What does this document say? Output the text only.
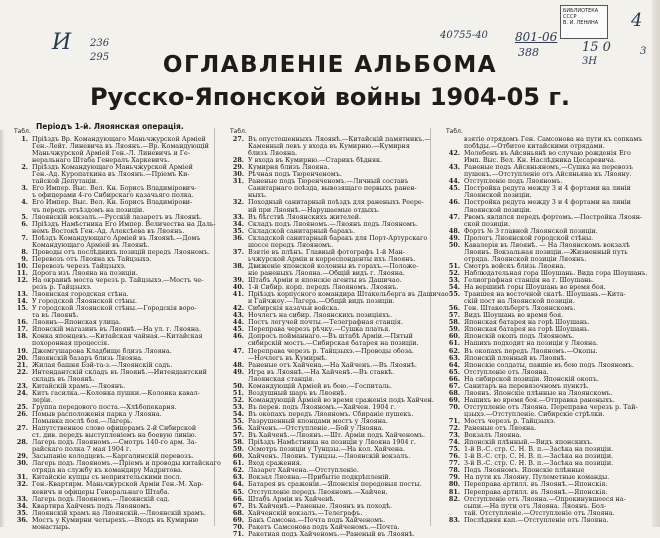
И 236
295
40755-40 801-06
388	15 0
ЗН
4
3
БИБЛИОТЕКА
СССР
В. И. ЛЕНИНА
ОГЛАВЛЕНІЕ АЛЬБОМА
Русско-Японской войны 1904-05 г.
Табл.
Періодъ 1-й. Ляоянская операція.
1. Пріѣздъ Вр. Командующаго Маньчжурской Арміей
Ген.-Лейт. Линевича въ Ляоянъ.—Вр. Командующій
Маньчжурской Арміей Ген.-Л. Линевичъ и Ге-
неральнаго Штаба Генералъ Харкевичъ.
2. Пріѣздъ Командующаго Маньчжурской Арміей
Ген.-Ад. Куропаткина въ Ляоянъ.—Пріемъ Ки-
тайской Депутаціи.
3. Его Импер. Выс. Вел. Кн. Борисъ Владимірович-
ъ офицерами 4-го Сибирскаго казачьяго полка.
4. Его Импер. Выс. Вел. Кн. Борисъ Владимірови-
чъ передъ отъѣздомъ на позиціи.
5. Ляоянскій вокзалъ.—Русскій лазаретъ въ Ляоянѣ.
6. Пріѣздъ Намѣстника Его Импер. Величества на Даль-
немъ Востокѣ Ген.-Ад. Алексѣева въ Ляоянъ.
7. Поѣздъ Командующаго Арміей въ Ляоянѣ.—Домъ
Командующаго Арміей въ Ляоянѣ.
8. Проводы отъ послѣднихъ позицій передъ Ляояномъ.
9. Перевозъ отъ Ляояна къ Тайцзыхэ.
10. Перевозъ черезъ Тайцзыхэ.
11. Дорога изъ Ляояна на позиціи.
12. На окраинѣ моста черезъ р. Тайцзыхэ.—Мостъ че-
резъ р. Тайцзыхэ.
13. Ляоянская городская стѣна.
14. У городской Ляоянской стѣны.
15. У городской Ляоянской стѣны.—Городскія воро-
та въ Ляоянѣ.
16. Ляоянъ—Японская улица.
17. Японскій магазинъ въ Ляоянѣ.—На ул. г. Ляояна.
18. Конка японцевъ.—Китайская чайная.—Китайская
похоронная процессія.
19. Джемгушарова Кладбище близъ Ляояна.
20. Ляоянскій базаръ близь Ляояна.
21. Жилая башня Бэй-та-з.—Ляоянскій садъ.
22. Интендантскій складъ въ Ляоянѣ.—Интендантский
складъ въ Ляоянѣ.
23. Китайскій храмъ.—Ляоянъ.
24. Китъ гасилка.—Колонка пушки.—Колонка кавал-
леріи.
25. Группа передового поста.—Хлѣбопекарня.
26. Помыв расположенія парка у Ляояна.
Помывка послѣ боя.—Лагерь.
27. Напутственное слово офицерамъ 2-й Сибирской
ст. див. передъ выступленіемъ на боевую линію.
28. Лагерь подъ Ляояномъ.—Смотръ 140-го арм. За-
райскаго полка 7 мая 1904 г.
29. Засыпаніе колодцевъ.—Каргалинскій перевозъ.
30. Лагерь подъ Ляояномъ.—Пріемъ и проводы китайскаго
отряда на службу къ командиру Мадритова.
31. Китайскіе купцы съ неприятельскими посл.
32. Ген.-Квартирм. Маньчжурской Арміи Ген.-М. Хар-
кевичъ и офицеры Генеральнаго Штаба.
33. Лагерь подъ Ляояномъ.—Ляоянскій сад.
34. Квартира Хайченъ подъ Ляояномъ.
35. Ляоянскій храмъ на Ляоянскій.—Ляоянскій храмъ.
36. Мостъ у Кумирни четырехъ.—Входъ въ Кумирню
монастырь.
Табл.
27. Въ опустошенныхъ Ляоянѣ.—Китайскій памятникъ.—
Каменный левъ у входа въ Кумирню.—Кумирня
близъ Ляояна.
28. У входа въ Кумирню.—Старикъ бѣдняк.
29. Кумирня близъ Ляояна.
30. Рѣчная подъ Тюренченомъ.
31. Раненые подъ Тюренченомъ.—Личный составъ
Санитарнаго поѣзда, вывозящаго первыхъ ранен-
ныхъ.
32. Походный санитарный поѣздъ для раненыхъ Реере-
ий при Ляоянѣ.—Нарушаемые отдыхъ.
33. Въ бѣгствѣ Ляоянскихъ жителей.
34. Складъ подъ Ляояномъ.—Ляоянъ подъ Ляояномъ.
35. Складской санитарный баракъ.
36. Складской санитарный баракъ для Порт-Артурскаго
шоссе передъ Ляояномъ.
37. Взятіе въ плѣнъ. Главный фотографъ 1-й Ман-
ьчжурской Арміи и корреспонденты ихъ Ляоянъ.
38. Движеніе японской колонны въ горахъ.—Положе-
ніе раненыхъ Ляояна.—Общій видъ г. Ляояна.
39. Штабъ Арміи и японскіе агенты въ Дашичао.
40. 1-й Сибир. корп. передъ Ляояномъ. Ляоянъ.
41. Пріѣздъ корпусного командира Штакельберга въ Дашичао
и Гайчжоу.—Лагерь.—Общій видъ позиціи.
42. Сибирскія казачьи войска.
43. Ночлегъ на сибир. Ляоянскихъ позиціяхъ.
44. Постъ легучей почты.—Телеграфная станція.
45. Переправа черезъ рѣчку.—Сушка платья.
46. Допросъ пойманнаго.—Въ штабѣ Арміи.—Пятый
сибирскій мостъ.—Сибирская батарея на позиціи.
47. Переправа черезъ р. Тайцзыхэ.—Проводы обоза.
—Ночлегъ въ Кумирнѣ.
48. Раненые отъ Хайчена.—На Хайченъ.—Въ Ляоянѣ.
49. Игра въ Ляоянѣ.—На Хайченѣ.—Въ ставкѣ.
Ляоянская станція.
50. Командующій Арміей въ бою.—Госпиталь.
51. Воздушный шаръ въ Ляоянѣ.
52. Командующій Арміей во время сраженія подъ Хайчен.
53. Въ перев. подъ Ляояномъ.—Хайчен. 1904 г.
54. Въ окопахъ передъ Ляояномъ. Сбираніе пушекъ.
55. Разрушенный японцами мостъ у Ляояна.
56. Хайченъ.—Отступленіе.—Бой у Ляояна.
57. Въ Хайченѣ.—Ляоянъ.—Шт. Арміи подъ Хайченомъ.
58. Пріѣздъ Намѣстника на позиціи у Ляояна 1904 г.
59. Осмотръ позиціи у Тунцзы.—На кол. Хайчена.
60. Хайченъ. Ляоянъ. Тунцзы.—Ляоянскій вокзалъ.
61. Вход сражения.
62. Лазарет Хайчена.—Отступленіе.
63. Вокзал Ляояна.—Прибытіе подкрѣпленій.
64. Батарея въ сраженіи.—Японскія передовыя посты.
65. Отступленіе передъ Ляояномъ.—Хайчен.
66. Штабъ Арміи въ Хайченѣ.
67. Въ Хайченѣ.—Раненые. Ляоянъ въ походѣ.
68. Хайченскій вокзалъ.—Телеграфъ.
69. Бакъ Самсона.—Почта подъ Хайченомъ.
70. Ракетъ Самсонова подъ Хайченомъ.—Почта.
71. Ракетная подъ Хайченомъ.—Раненый въ Ляоянѣ.
Табл.
взятіе отрядомъ Ген. Самсонова на пути къ сопкамъ
побѣды.—Отбитое китайскими отрядами.
42. Молебенъ въ Айсяньянѣ во случаю рожденія Его
Имп. Выс. Вел. Кн. Наслѣдника Цесаревича.
43. Раненые подъ Айсяньяномъ,—Сушка на перевозъ
пушекъ.—Отступленіе отъ Айсяньяна къ Ляояну.
44. Отступленіе подъ Ляояномъ.
45. Постройка редута между 3 и 4 фортами на линіи
Ляоянской позиціи.
46. Постройка редута между 3 и 4 фортами на линіи
Ляоянской позиціи.
47. Рвомъ являлся передъ фортомъ.—Постройка Ляоян-
ской позиціи.
48. Фортъ № 3 главной Ляоянской позиціи.
49. Прологъ Ляоянской городской стѣны.
50. Кавалерія въ Ляоянѣ. — На Ляоянскомъ вокзалѣ
Ляоянъ. Вокзальная позиціи.—Жизненный путь
отряда. Ляоянской позиціи Ляоянъ.
51. Смотръ войскъ близь Ляояна.
52. Наблюдательная гора Шоушань. Вида гора Шоушань.
53. Гелиографная станція на г. Шоушань.
54. На вершинѣ горы Шоушань во время боя.
55. Траншея на восточной скатѣ. Шоушань.—Кита-
скій пост на Ляоянской позиціи.
56. Ген. Штакельбергъ Ляоянскомъ.
57. Видъ Шоушань во время боя.
58. Японская батарея на горѣ Шоушань.
59. Японская батарея на горѣ Шоушань.
60. Японскій окопъ подъ Ляояномъ.
61. Нашихъ подходит на позиціи у Ляояна.
62. Въ окопахъ передъ Ляояномъ.—Окопы.
63. Японскій пленный въ Ляоянѣ.
64. Японскіе солдаты, павшіе въ бою подъ Ляояномъ.
65. Отступленіе отъ Ляояна.
66. На сибирской позиціи. Японскій окопъ.
67. Санитаръ на перевязочномъ пунктѣ.
68. Ляоянъ. Японскіе плѣнные на Ляоянскомъ.
69. Нашихъ во время боя.—Отправка раненыхъ.
70. Отступленіе отъ Ляояна. Переправа черезъ р. Тай-
цзыхэ.—Отступленіе. Сибирскіе стрѣлки.
71. Мостъ черезъ р. Тайцзыхэ.
72. Раненые отъ Ляояна.
73. Вокзалъ Ляояна.
74. Японскій плѣнный.—Видъ японскихъ.
75. 1-й В.-С. стр. С. Н. В. п.—Засѣка на позиціи.
76. 1-й В.-С. стр. С. Н. В. п.—Засѣка на позиціи.
77. 3-й В.-С. стр. С. Н. В. п.—Засѣка на позиціи.
78. Подъ Ляояномъ. Японскіе плѣнные
79. На пути къ Ляояну. Пулеметные команды.
80. Переправа артилл. въ Ляоянѣ.—Японскія.
81. Переправа артилл. въ Ляоянѣ.—Японскія.
82. Отступленіе отъ Ляояна.—Опрокинувшееся на-
сыпи.—На пути отъ Ляояна. Ляоянъ. Бол-
тай. Отступленіе.—Отступленіе отъ Ляояна.
83. Послѣдняя кап.—Отступленіе отъ Ляояна.
